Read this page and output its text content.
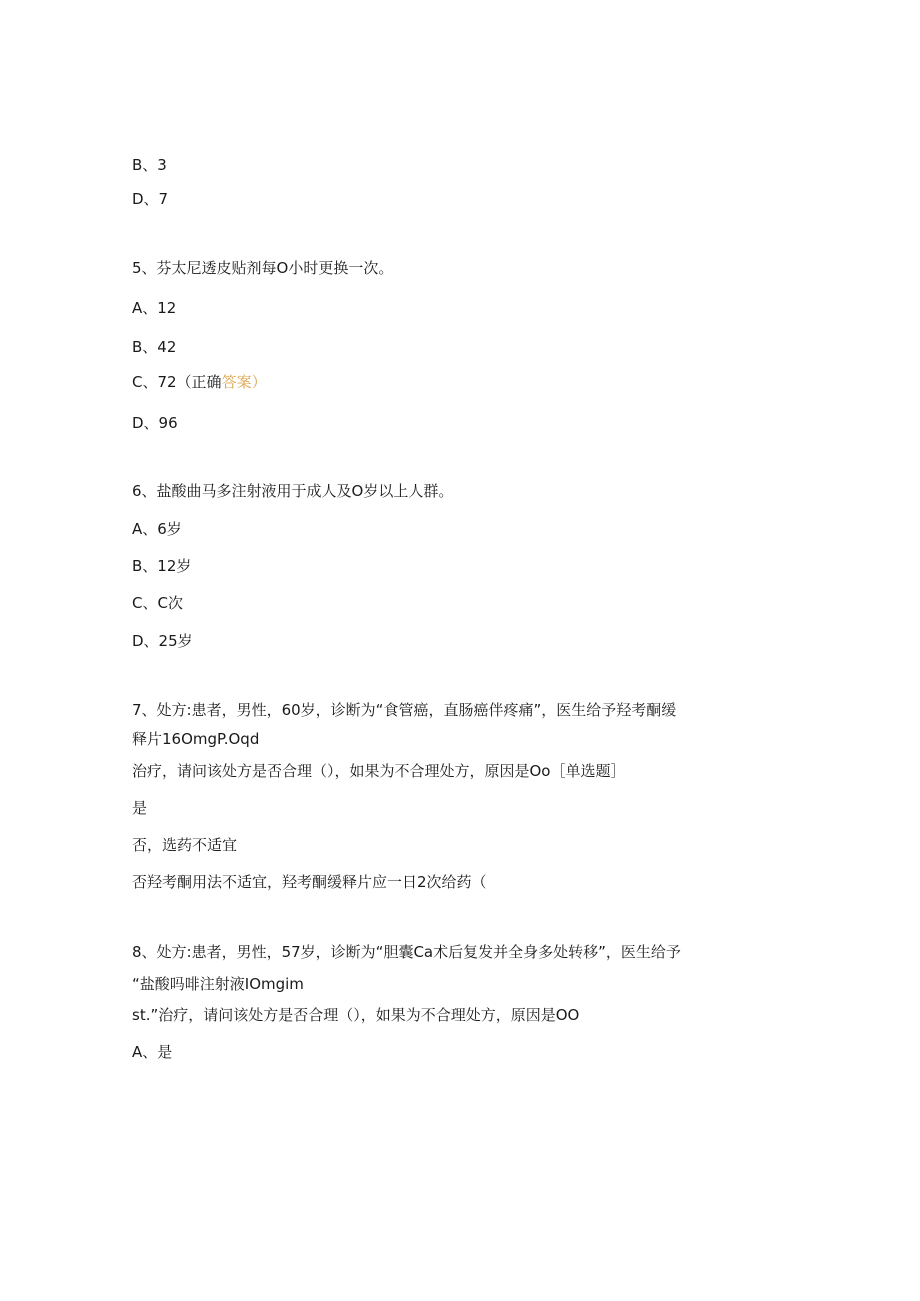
B、3
D、7
5、芬太尼透皮贴剂每O小时更换一次。
A、12
B、42
C、72（正确答案）
D、96
6、盐酸曲马多注射液用于成人及O岁以上人群。
A、6岁
B、12岁
C、C次
D、25岁
7、处方:患者，男性，60岁，诊断为“食管癌，直肠癌伴疼痛”，医生给予羟考酮缓
释片16OmgP.Oqd
治疗，请问该处方是否合理（），如果为不合理处方，原因是Oo［单选题］
是
否，选药不适宜
否羟考酮用法不适宜，羟考酮缓释片应一日2次给药（
8、处方:患者，男性，57岁，诊断为“胆囊Ca术后复发并全身多处转移”，医生给予
“盐酸吗啡注射液IOmgim
st.”治疗，请问该处方是否合理（），如果为不合理处方，原因是OO
A、是
